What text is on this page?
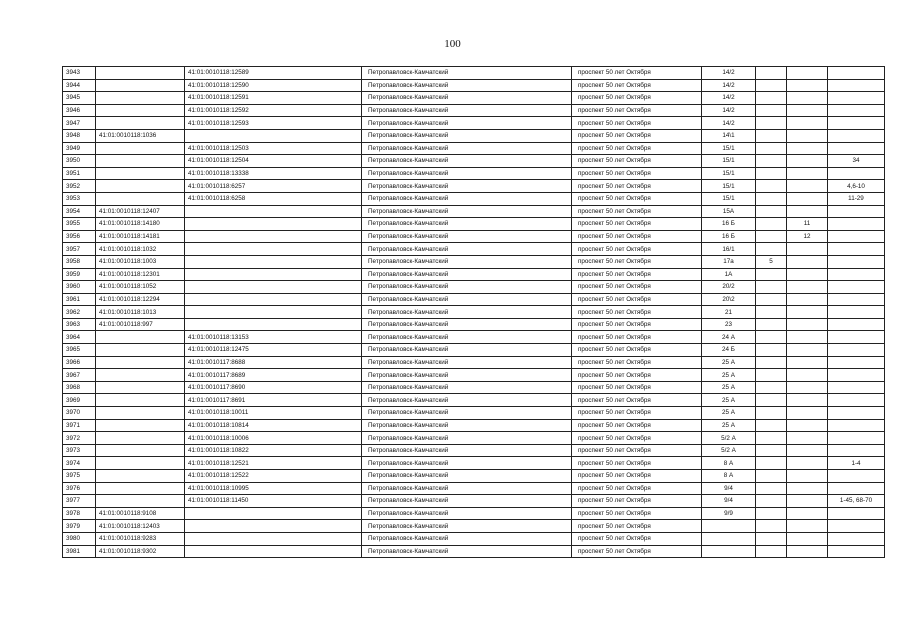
100
3943		41:01:0010118:12589	Петропавловск-Камчатский	проспект 50 лет Октября	14/2			
3944		41:01:0010118:12590	Петропавловск-Камчатский	проспект 50 лет Октября	14/2			
3945		41:01:0010118:12591	Петропавловск-Камчатский	проспект 50 лет Октября	14/2			
3946		41:01:0010118:12592	Петропавловск-Камчатский	проспект 50 лет Октября	14/2			
3947		41:01:0010118:12593	Петропавловск-Камчатский	проспект 50 лет Октября	14/2			
3948	41:01:0010118:1036		Петропавловск-Камчатский	проспект 50 лет Октября	14\1			
3949		41:01:0010118:12503	Петропавловск-Камчатский	проспект 50 лет Октября	15/1			
3950		41:01:0010118:12504	Петропавловск-Камчатский	проспект 50 лет Октября	15/1			34
3951		41:01:0010118:13338	Петропавловск-Камчатский	проспект 50 лет Октября	15/1			
3952		41:01:0010118:6257	Петропавловск-Камчатский	проспект 50 лет Октября	15/1			4,6-10
3953		41:01:0010118:6258	Петропавловск-Камчатский	проспект 50 лет Октября	15/1			11-29
3954	41:01:0010118:12407		Петропавловск-Камчатский	проспект 50 лет Октября	15А			
3955	41:01:0010118:14180		Петропавловск-Камчатский	проспект 50 лет Октября	16 Б		11	
3956	41:01:0010118:14181		Петропавловск-Камчатский	проспект 50 лет Октября	16 Б		12	
3957	41:01:0010118:1032		Петропавловск-Камчатский	проспект 50 лет Октября	16/1			
3958	41:01:0010118:1003		Петропавловск-Камчатский	проспект 50 лет Октября	17а	5		
3959	41:01:0010118:12301		Петропавловск-Камчатский	проспект 50 лет Октября	1А			
3960	41:01:0010118:1052		Петропавловск-Камчатский	проспект 50 лет Октября	20/2			
3961	41:01:0010118:12294		Петропавловск-Камчатский	проспект 50 лет Октября	20\2			
3962	41:01:0010118:1013		Петропавловск-Камчатский	проспект 50 лет Октября	21			
3963	41:01:0010118:997		Петропавловск-Камчатский	проспект 50 лет Октября	23			
3964		41:01:0010118:13153	Петропавловск-Камчатский	проспект 50 лет Октября	24 А			
3965		41:01:0010118:12475	Петропавловск-Камчатский	проспект 50 лет Октября	24 Б			
3966		41:01:0010117:8688	Петропавловск-Камчатский	проспект 50 лет Октября	25 А			
3967		41:01:0010117:8689	Петропавловск-Камчатский	проспект 50 лет Октября	25 А			
3968		41:01:0010117:8690	Петропавловск-Камчатский	проспект 50 лет Октября	25 А			
3969		41:01:0010117:8691	Петропавловск-Камчатский	проспект 50 лет Октября	25 А			
3970		41:01:0010118:10011	Петропавловск-Камчатский	проспект 50 лет Октября	25 А			
3971		41:01:0010118:10814	Петропавловск-Камчатский	проспект 50 лет Октября	25 А			
3972		41:01:0010118:10006	Петропавловск-Камчатский	проспект 50 лет Октября	5/2 А			
3973		41:01:0010118:10822	Петропавловск-Камчатский	проспект 50 лет Октября	5/2 А			
3974		41:01:0010118:12521	Петропавловск-Камчатский	проспект 50 лет Октября	8 А			1-4
3975		41:01:0010118:12522	Петропавловск-Камчатский	проспект 50 лет Октября	8 А			
3976		41:01:0010118:10995	Петропавловск-Камчатский	проспект 50 лет Октября	9/4			
3977		41:01:0010118:11450	Петропавловск-Камчатский	проспект 50 лет Октября	9/4			1-45, 68-70
3978	41:01:0010118:9108		Петропавловск-Камчатский	проспект 50 лет Октября	9/9			
3979	41:01:0010118:12403		Петропавловск-Камчатский	проспект 50 лет Октября				
3980	41:01:0010118:9283		Петропавловск-Камчатский	проспект 50 лет Октября				
3981	41:01:0010118:9302		Петропавловск-Камчатский	проспект 50 лет Октября				
